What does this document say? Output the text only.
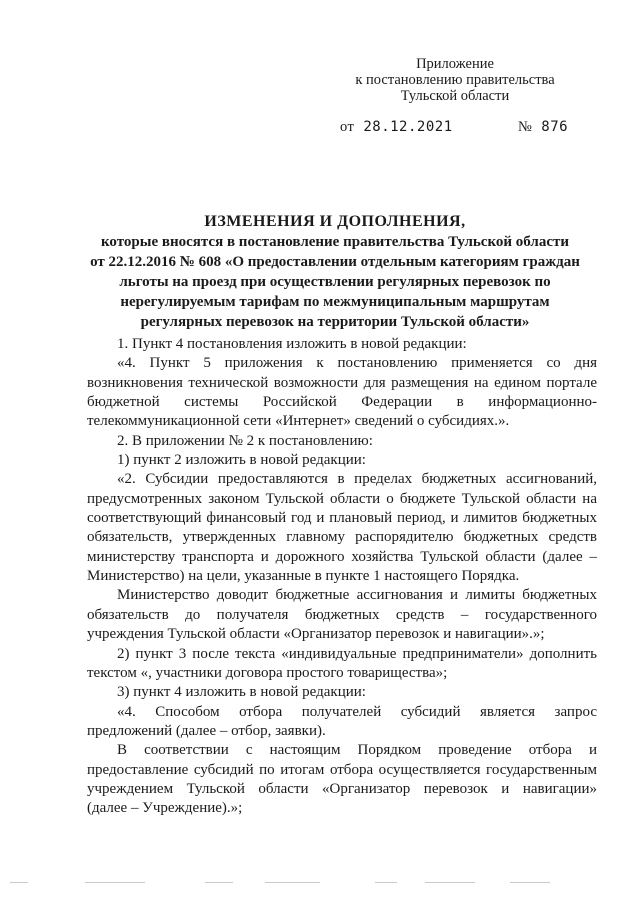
Приложение
к постановлению правительства
Тульской области
от 28.12.2021	№ 876
ИЗМЕНЕНИЯ И ДОПОЛНЕНИЯ,
которые вносятся в постановление правительства Тульской области
от 22.12.2016 № 608 «О предоставлении отдельным категориям граждан
льготы на проезд при осуществлении регулярных перевозок по
нерегулируемым тарифам по межмуниципальным маршрутам
регулярных перевозок на территории Тульской области»
1. Пункт 4 постановления изложить в новой редакции:
«4. Пункт 5 приложения к постановлению применяется со дня
возникновения технической возможности для размещения на едином портале
бюджетной системы Российской Федерации в информационно-
телекоммуникационной сети «Интернет» сведений о субсидиях.».
2. В приложении № 2 к постановлению:
1) пункт 2 изложить в новой редакции:
«2. Субсидии предоставляются в пределах бюджетных ассигнований,
предусмотренных законом Тульской области о бюджете Тульской области на
соответствующий финансовый год и плановый период, и лимитов бюджетных
обязательств, утвержденных главному распорядителю бюджетных средств
министерству транспорта и дорожного хозяйства Тульской области (далее –
Министерство) на цели, указанные в пункте 1 настоящего Порядка.
Министерство доводит бюджетные ассигнования и лимиты бюджетных
обязательств до получателя бюджетных средств – государственного
учреждения Тульской области «Организатор перевозок и навигации».»;
2) пункт 3 после текста «индивидуальные предприниматели» дополнить
текстом «, участники договора простого товарищества»;
3) пункт 4 изложить в новой редакции:
«4. Способом отбора получателей субсидий является запрос
предложений (далее – отбор, заявки).
В соответствии с настоящим Порядком проведение отбора и
предоставление субсидий по итогам отбора осуществляется государственным
учреждением Тульской области «Организатор перевозок и навигации»
(далее – Учреждение).»;
